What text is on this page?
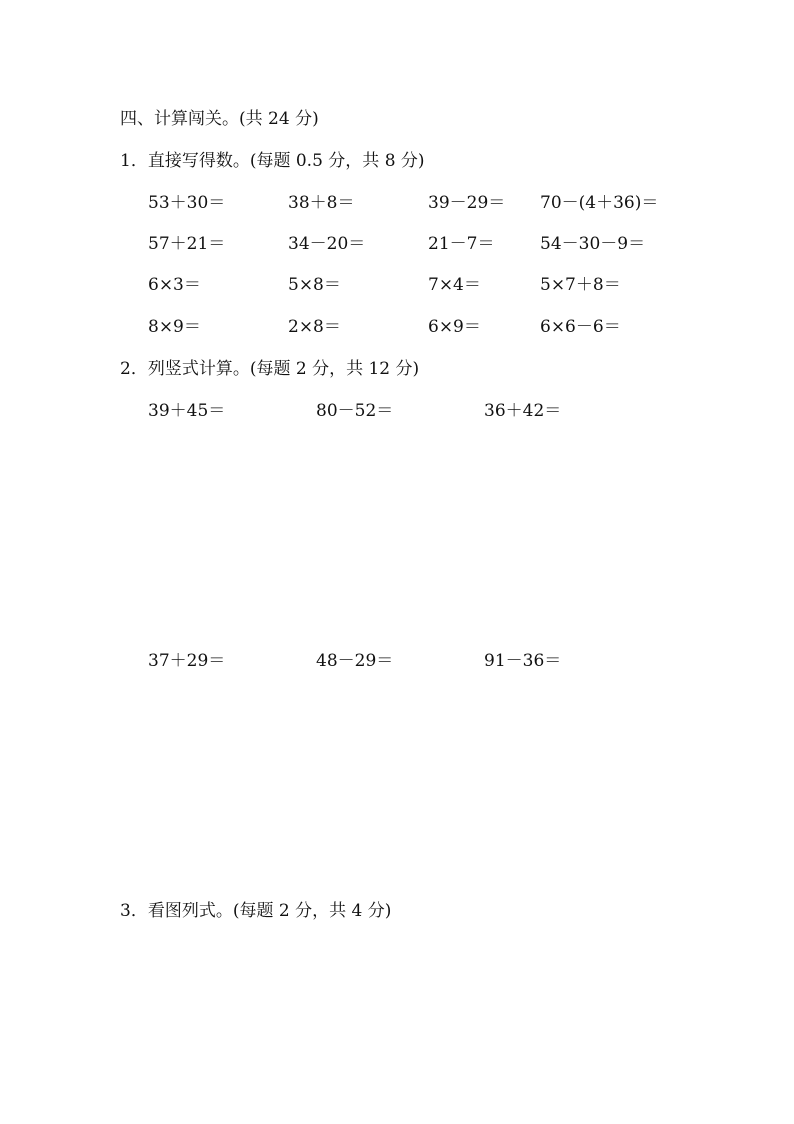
四、计算闯关。(共 24 分)
1．直接写得数。(每题 0.5 分，共 8 分)
53＋30＝	38＋8＝	39－29＝ 70－(4＋36)＝
57＋21＝	34－20＝	21－7＝	54－30－9＝
6×3＝	5×8＝	7×4＝	5×7＋8＝
8×9＝	2×8＝	6×9＝	6×6－6＝
2．列竖式计算。(每题 2 分，共 12 分)
39＋45＝	80－52＝	36＋42＝
37＋29＝	48－29＝	91－36＝
3．看图列式。(每题 2 分，共 4 分)
